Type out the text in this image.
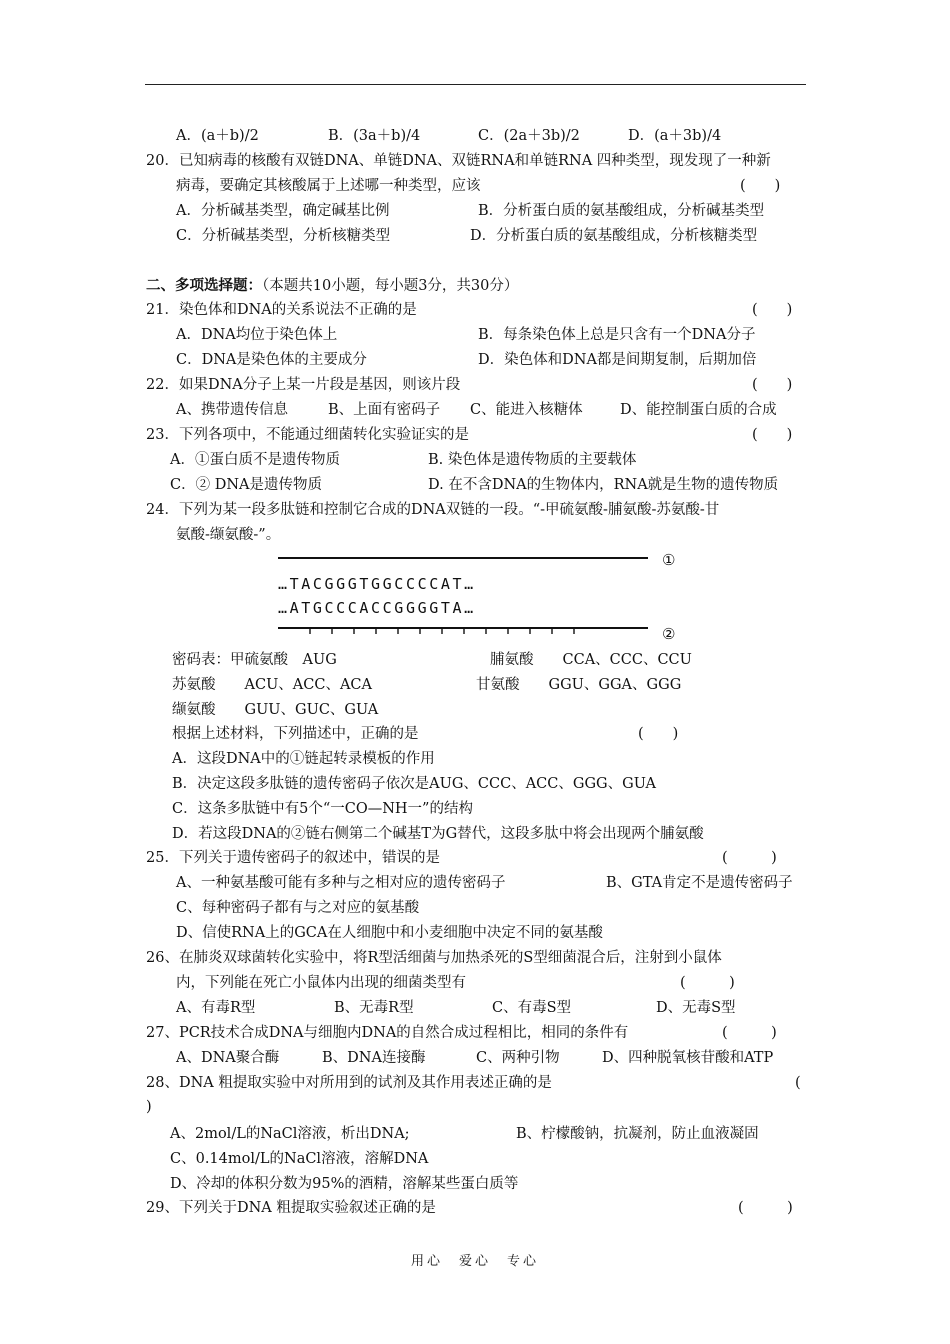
A．(a＋b)/2	B．(3a＋b)/4	C．(2a＋3b)/2	D．(a＋3b)/4
20．已知病毒的核酸有双链DNA、单链DNA、双链RNA和单链RNA 四种类型，现发现了一种新
病毒，要确定其核酸属于上述哪一种类型，应该	(　　)
A．分析碱基类型，确定碱基比例	B．分析蛋白质的氨基酸组成，分析碱基类型
C．分析碱基类型，分析核糖类型	D．分析蛋白质的氨基酸组成，分析核糖类型
二、多项选择题：（本题共10小题，每小题3分，共30分）
21．染色体和DNA的关系说法不正确的是	(　　)
A．DNA均位于染色体上	B．每条染色体上总是只含有一个DNA分子
C．DNA是染色体的主要成分	D．染色体和DNA都是间期复制，后期加倍
22．如果DNA分子上某一片段是基因，则该片段	(　　)
A、携带遗传信息	B、上面有密码子 C、能进入核糖体	D、能控制蛋白质的合成
23．下列各项中，不能通过细菌转化实验证实的是	(　　)
A．①蛋白质不是遗传物质	B. 染色体是遗传物质的主要载体
C．② DNA是遗传物质	D. 在不含DNA的生物体内，RNA就是生物的遗传物质
24．下列为某一段多肽链和控制它合成的DNA双链的一段。“-甲硫氨酸-脯氨酸-苏氨酸-甘
氨酸-缬氨酸-”。
…TACGGGTGGCCCCAT…
…ATGCCCACCGGGGTA…
①
②
密码表：甲硫氨酸　AUG	脯氨酸　　CCA、CCC、CCU
苏氨酸　　ACU、ACC、ACA	甘氨酸　　GGU、GGA、GGG
缬氨酸　　GUU、GUC、GUA
根据上述材料，下列描述中，正确的是	(　　)
A．这段DNA中的①链起转录模板的作用
B．决定这段多肽链的遗传密码子依次是AUG、CCC、ACC、GGG、GUA
C．这条多肽链中有5个“一CO—NH一”的结构
D．若这段DNA的②链右侧第二个碱基T为G替代，这段多肽中将会出现两个脯氨酸
25．下列关于遗传密码子的叙述中，错误的是	(　　　)
A、一种氨基酸可能有多种与之相对应的遗传密码子	B、GTA肯定不是遗传密码子
C、每种密码子都有与之对应的氨基酸
D、信使RNA上的GCA在人细胞中和小麦细胞中决定不同的氨基酸
26、在肺炎双球菌转化实验中，将R型活细菌与加热杀死的S型细菌混合后，注射到小鼠体
内，下列能在死亡小鼠体内出现的细菌类型有	(　　　)
A、有毒R型	B、无毒R型	C、有毒S型	D、无毒S型
27、PCR技术合成DNA与细胞内DNA的自然合成过程相比，相同的条件有	(　　　)
A、DNA聚合酶	B、DNA连接酶	C、两种引物	D、四种脱氧核苷酸和ATP
28、DNA 粗提取实验中对所用到的试剂及其作用表述正确的是	(
)
A、2mol/L的NaCl溶液，析出DNA;	B、柠檬酸钠，抗凝剂，防止血液凝固
C、0.14mol/L的NaCl溶液，溶解DNA
D、冷却的体积分数为95%的酒精，溶解某些蛋白质等
29、下列关于DNA 粗提取实验叙述正确的是	(　　　)
用心　爱心　专心
